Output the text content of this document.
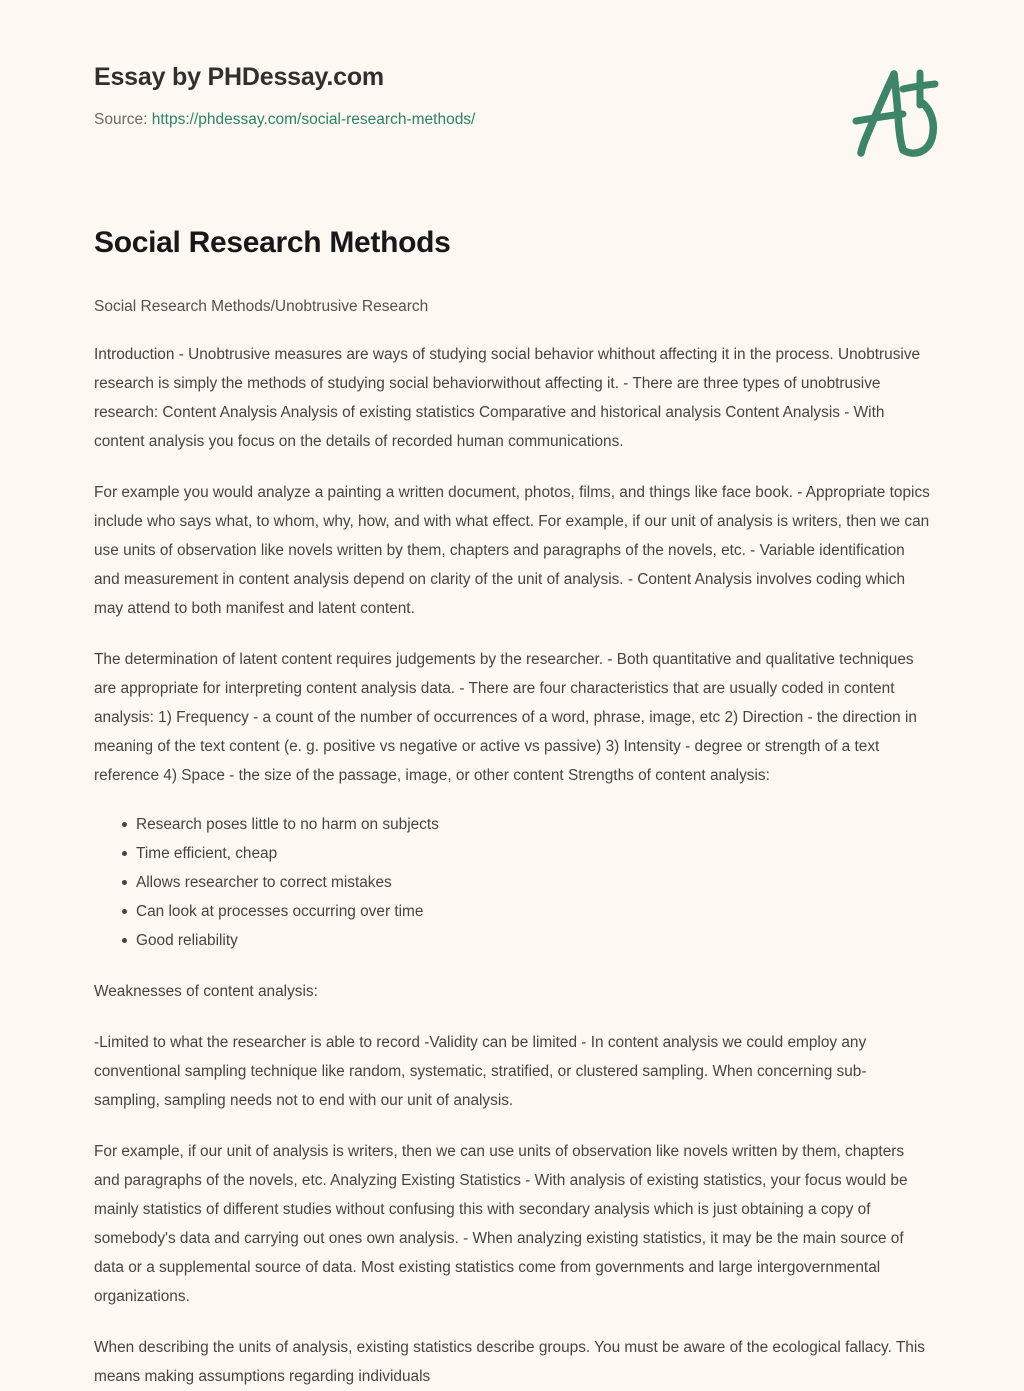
Essay by PHDessay.com
Source: https://phdessay.com/social-research-methods/
Social Research Methods

Social Research Methods/Unobtrusive Research

Introduction - Unobtrusive measures are ways of studying social behavior whithout affecting it in the process. Unobtrusive research is simply the methods of studying social behaviorwithout affecting it. - There are three types of unobtrusive research: Content Analysis Analysis of existing statistics Comparative and historical analysis Content Analysis - With content analysis you focus on the details of recorded human communications.

For example you would analyze a painting a written document, photos, films, and things like face book. - Appropriate topics include who says what, to whom, why, how, and with what effect. For example, if our unit of analysis is writers, then we can use units of observation like novels written by them, chapters and paragraphs of the novels, etc. - Variable identification and measurement in content analysis depend on clarity of the unit of analysis. - Content Analysis involves coding which may attend to both manifest and latent content.

The determination of latent content requires judgements by the researcher. - Both quantitative and qualitative techniques are appropriate for interpreting content analysis data. - There are four characteristics that are usually coded in content analysis: 1) Frequency - a count of the number of occurrences of a word, phrase, image, etc 2) Direction - the direction in meaning of the text content (e. g. positive vs negative or active vs passive) 3) Intensity - degree or strength of a text reference 4) Space - the size of the passage, image, or other content Strengths of content analysis:

Research poses little to no harm on subjects
Time efficient, cheap
Allows researcher to correct mistakes
Can look at processes occurring over time
Good reliability

Weaknesses of content analysis:

-Limited to what the researcher is able to record -Validity can be limited - In content analysis we could employ any conventional sampling technique like random, systematic, stratified, or clustered sampling. When concerning sub-sampling, sampling needs not to end with our unit of analysis.

For example, if our unit of analysis is writers, then we can use units of observation like novels written by them, chapters and paragraphs of the novels, etc. Analyzing Existing Statistics - With analysis of existing statistics, your focus would be mainly statistics of different studies without confusing this with secondary analysis which is just obtaining a copy of somebody's data and carrying out ones own analysis. - When analyzing existing statistics, it may be the main source of data or a supplemental source of data. Most existing statistics come from governments and large intergovernmental organizations.

When describing the units of analysis, existing statistics describe groups. You must be aware of the ecological fallacy. This means making assumptions regarding individuals
